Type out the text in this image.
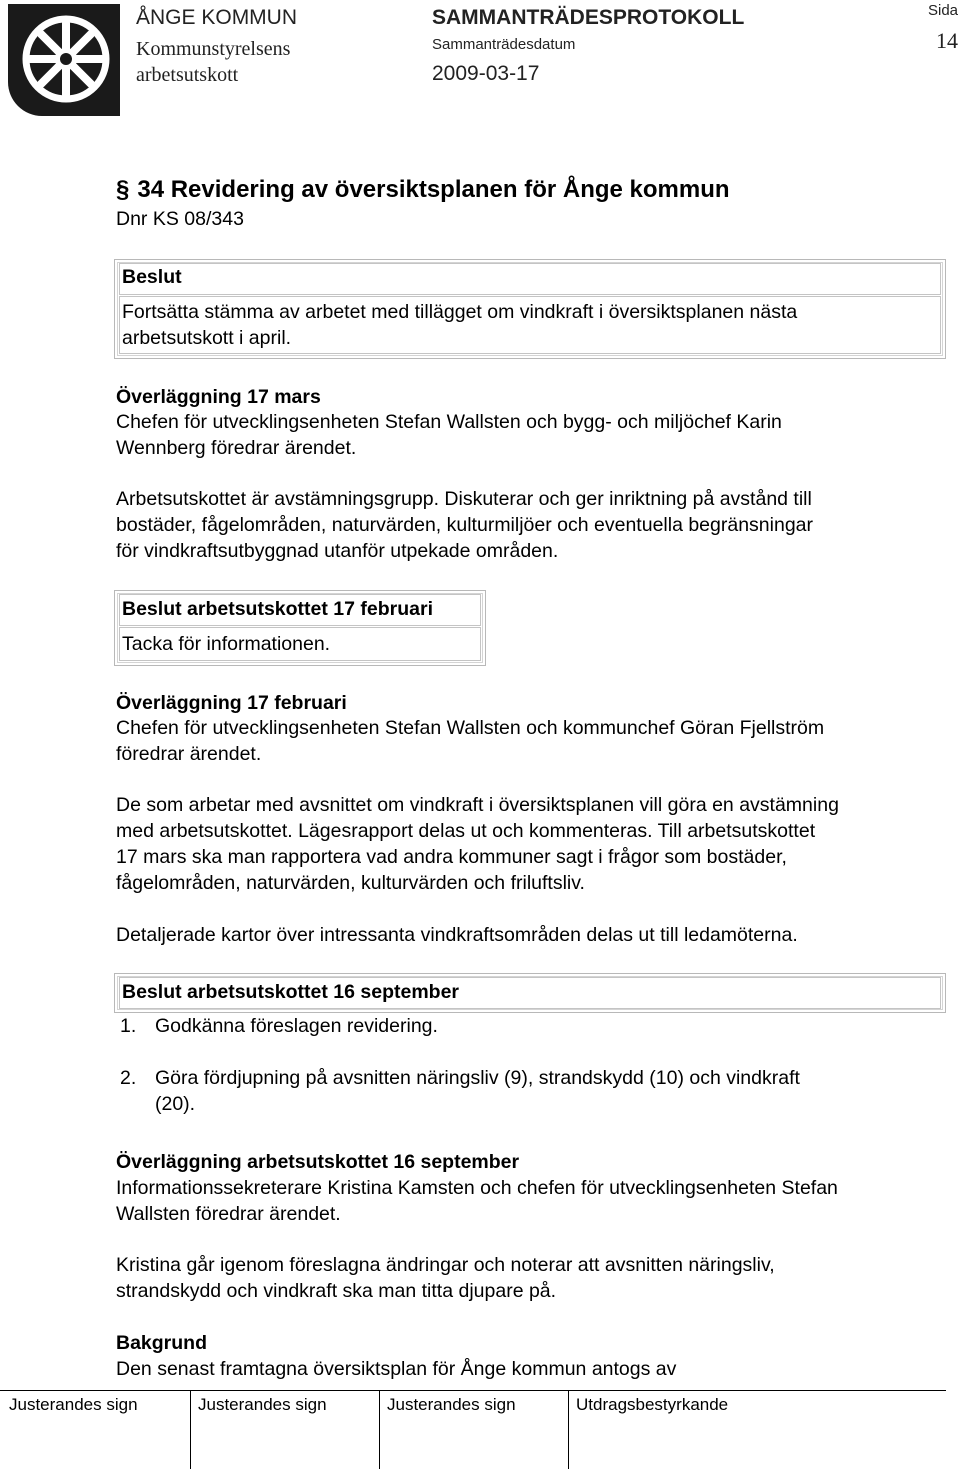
ÅNGE KOMMUN
Kommunstyrelsens
arbetsutskott
SAMMANTRÄDESPROTOKOLL
Sammanträdesdatum
2009-03-17
Sida
14
§ 34 Revidering av översiktsplanen för Ånge kommun
Dnr KS 08/343
Beslut
Fortsätta stämma av arbetet med tillägget om vindkraft i översiktsplanen nästa
arbetsutskott i april.
Överläggning 17 mars
Chefen för utvecklingsenheten Stefan Wallsten och bygg- och miljöchef Karin
Wennberg föredrar ärendet.
Arbetsutskottet är avstämningsgrupp. Diskuterar och ger inriktning på avstånd till
bostäder, fågelområden, naturvärden, kulturmiljöer och eventuella begränsningar
för vindkraftsutbyggnad utanför utpekade områden.
Beslut arbetsutskottet 17 februari
Tacka för informationen.
Överläggning 17 februari
Chefen för utvecklingsenheten Stefan Wallsten och kommunchef Göran Fjellström
föredrar ärendet.
De som arbetar med avsnittet om vindkraft i översiktsplanen vill göra en avstämning
med arbetsutskottet. Lägesrapport delas ut och kommenteras. Till arbetsutskottet
17 mars ska man rapportera vad andra kommuner sagt i frågor som bostäder,
fågelområden, naturvärden, kulturvärden och friluftsliv.
Detaljerade kartor över intressanta vindkraftsområden delas ut till ledamöterna.
Beslut arbetsutskottet 16 september
1. Godkänna föreslagen revidering.
2. Göra fördjupning på avsnitten näringsliv (9), strandskydd (10) och vindkraft
(20).
Överläggning arbetsutskottet 16 september
Informationssekreterare Kristina Kamsten och chefen för utvecklingsenheten Stefan
Wallsten föredrar ärendet.
Kristina går igenom föreslagna ändringar och noterar att avsnitten näringsliv,
strandskydd och vindkraft ska man titta djupare på.
Bakgrund
Den senast framtagna översiktsplan för Ånge kommun antogs av
Justerandes sign	Justerandes sign	Justerandes sign	Utdragsbestyrkande
